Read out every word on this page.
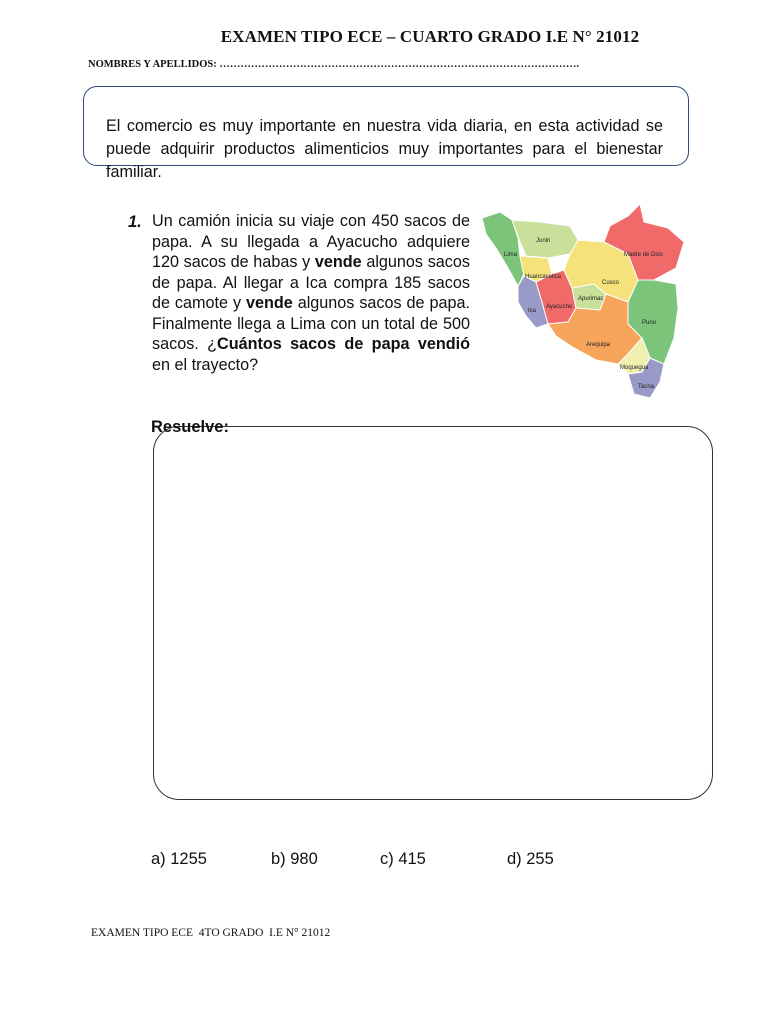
EXAMEN TIPO ECE – CUARTO GRADO I.E N° 21012
NOMBRES Y APELLIDOS: ………………………………………………………………………………………….
El comercio es muy importante en nuestra vida diaria, en esta actividad se puede adquirir productos alimenticios muy importantes para el bienestar familiar.
1. Un camión inicia su viaje con 450 sacos de papa. A su llegada a Ayacucho adquiere 120 sacos de habas y vende algunos sacos de papa. Al llegar a Ica compra 185 sacos de camote y vende algunos sacos de papa. Finalmente llega a Lima con un total de 500 sacos. ¿Cuántos sacos de papa vendió en el trayecto?
Junin
Lima
Huancavelica
Madre de Dios
Cusco
Apurimac
Ica
Ayacucho
Puno
Arequipa
Moquegua
Tacna
Resuelve:
a) 1255	b) 980	c) 415	d) 255
EXAMEN TIPO ECE  4TO GRADO  I.E N° 21012
